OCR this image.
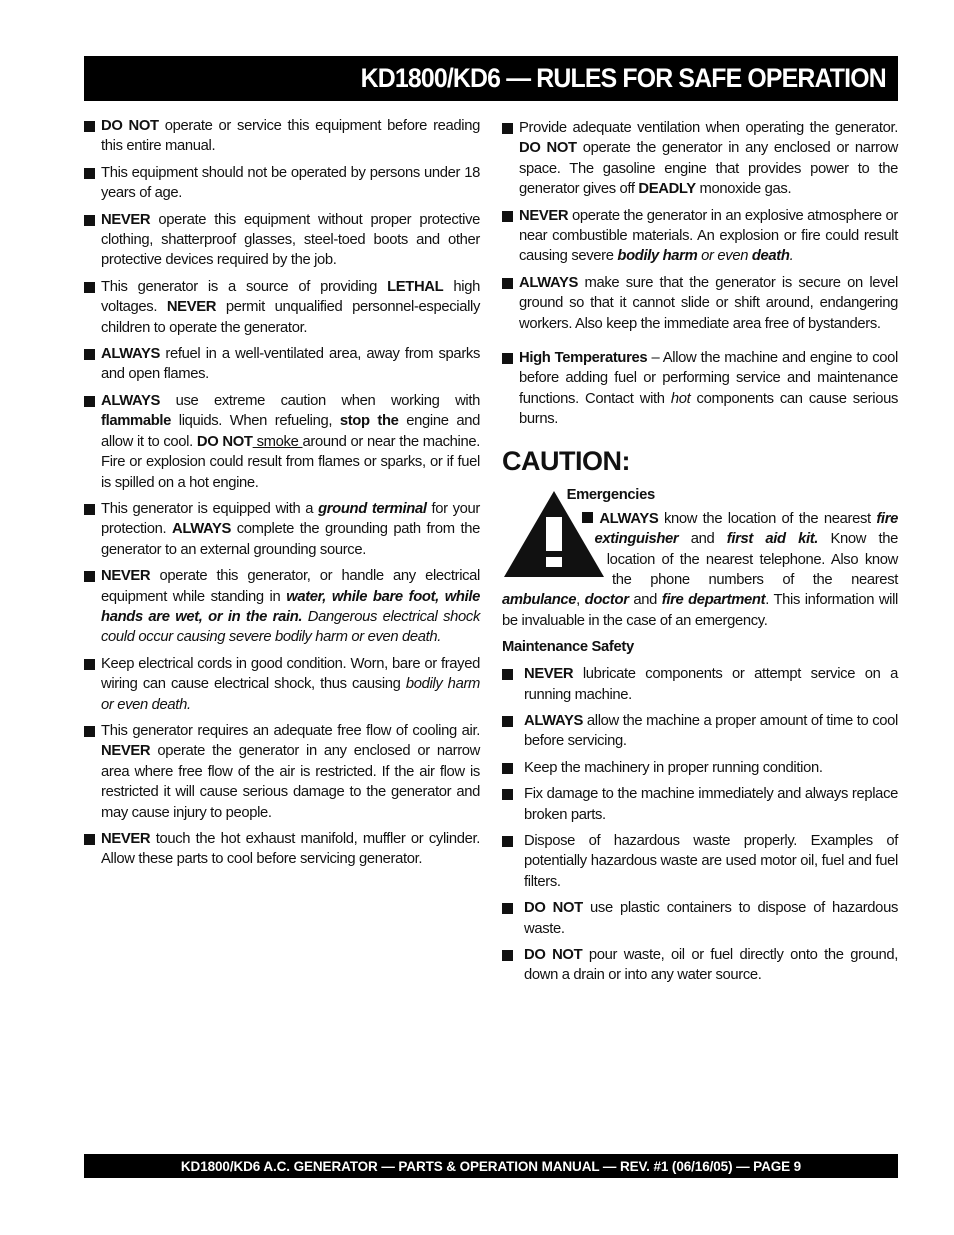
KD1800/KD6 — RULES FOR SAFE OPERATION
DO NOT operate or service this equipment before reading this entire manual.
This equipment should not be operated by persons under 18 years of age.
NEVER operate this equipment without proper protective clothing, shatterproof glasses, steel-toed boots and other protective devices required by the job.
This generator is a source of providing LETHAL high voltages. NEVER permit unqualified personnel-especially children to operate the generator.
ALWAYS refuel in a well-ventilated area, away from sparks and open flames.
ALWAYS use extreme caution when working with flammable liquids. When refueling, stop the engine and allow it to cool. DO NOT smoke around or near the machine. Fire or explosion could result from flames or sparks, or if fuel is spilled on a hot engine.
This generator is equipped with a ground terminal for your protection. ALWAYS complete the grounding path from the generator to an external grounding source.
NEVER operate this generator, or handle any electrical equipment while standing in water, while bare foot, while hands are wet, or in the rain. Dangerous electrical shock could occur causing severe bodily harm or even death.
Keep electrical cords in good condition. Worn, bare or frayed wiring can cause electrical shock, thus causing bodily harm or even death.
This generator requires an adequate free flow of cooling air. NEVER operate the generator in any enclosed or narrow area where free flow of the air is restricted. If the air flow is restricted it will cause serious damage to the generator and may cause injury to people.
NEVER touch the hot exhaust manifold, muffler or cylinder. Allow these parts to cool before servicing generator.
Provide adequate ventilation when operating the generator. DO NOT operate the generator in any enclosed or narrow space. The gasoline engine that provides power to the generator gives off DEADLY monoxide gas.
NEVER operate the generator in an explosive atmosphere or near combustible materials. An explosion or fire could result causing severe bodily harm or even death.
ALWAYS make sure that the generator is secure on level ground so that it cannot slide or shift around, endangering workers. Also keep the immediate area free of bystanders.
High Temperatures – Allow the machine and engine to cool before adding fuel or performing service and maintenance functions. Contact with hot components can cause serious burns.
CAUTION:
Emergencies
ALWAYS know the location of the nearest fire extinguisher and first aid kit. Know the location of the nearest telephone. Also know the phone numbers of the nearest ambulance, doctor and fire department. This information will be invaluable in the case of an emergency.
Maintenance Safety
NEVER lubricate components or attempt service on a running machine.
ALWAYS allow the machine a proper amount of time to cool before servicing.
Keep the machinery in proper running condition.
Fix damage to the machine immediately and always replace broken parts.
Dispose of hazardous waste properly. Examples of potentially hazardous waste are used motor oil, fuel and fuel filters.
DO NOT use plastic containers to dispose of hazardous waste.
DO NOT pour waste, oil or fuel directly onto the ground, down a drain or into any water source.
KD1800/KD6 A.C. GENERATOR — PARTS & OPERATION MANUAL — REV. #1 (06/16/05) — PAGE 9
